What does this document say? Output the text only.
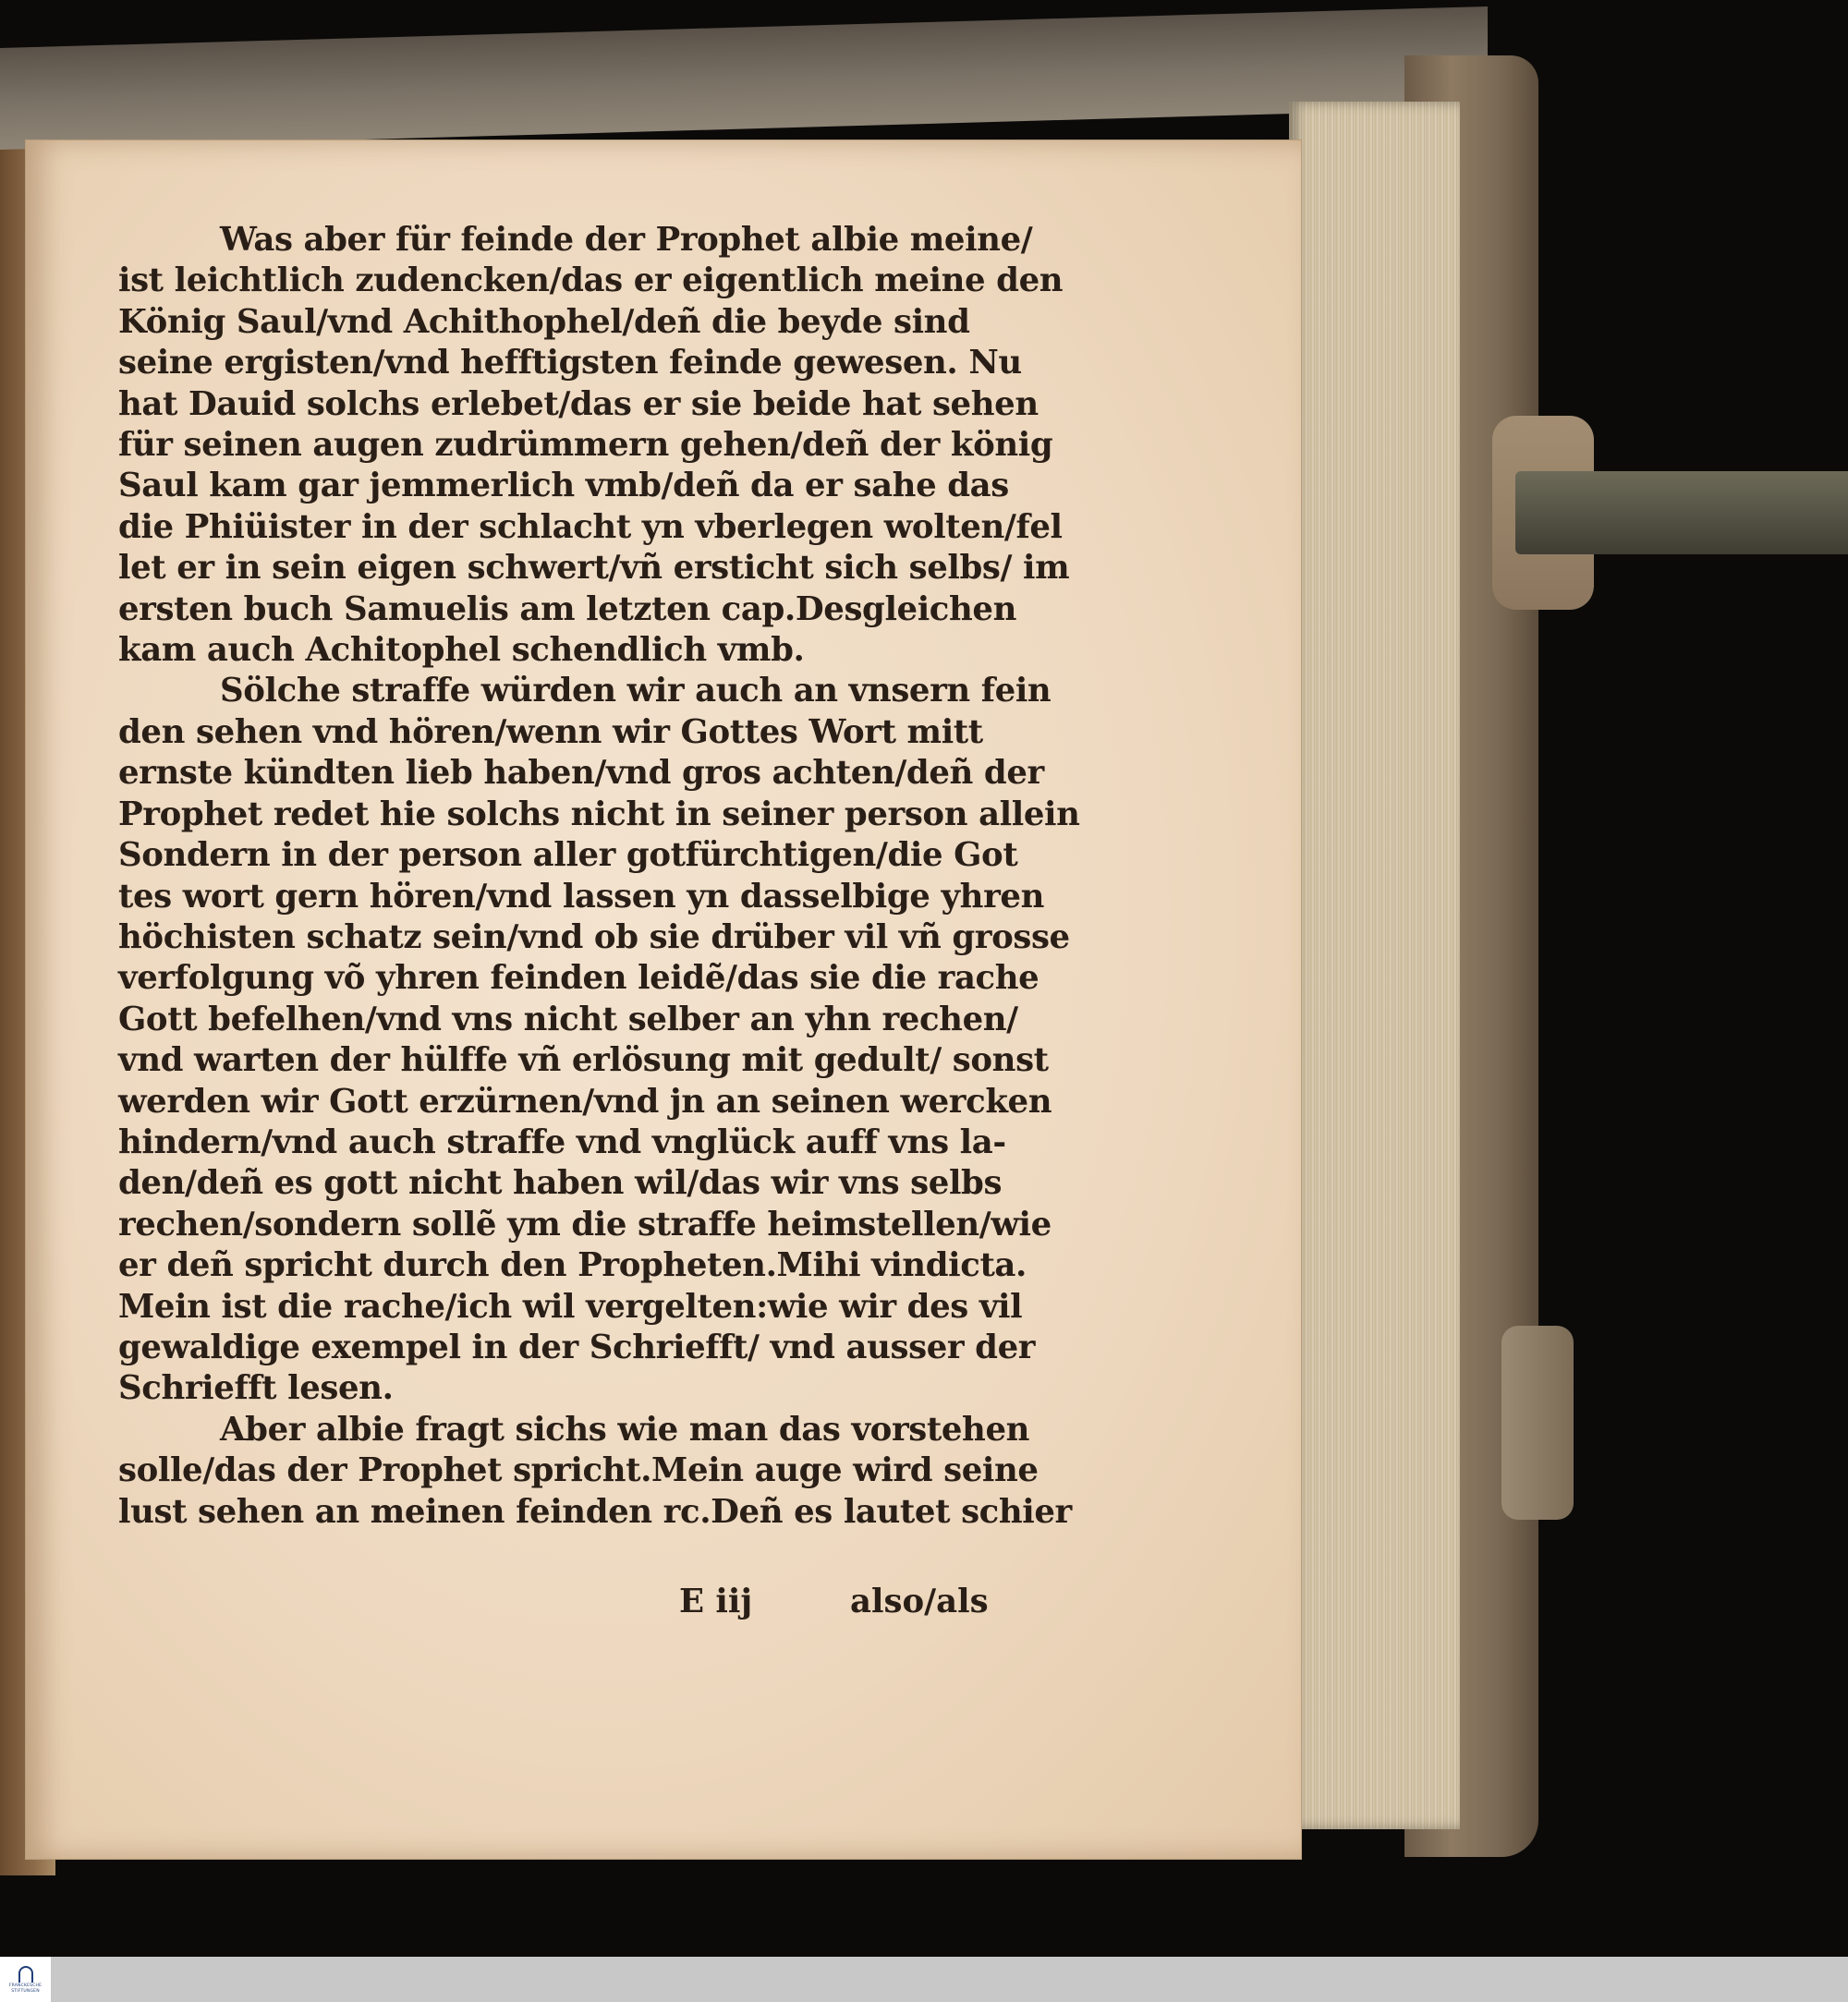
Was aber für feinde der Prophet albie meine/
ist leichtlich zudencken/das er eigentlich meine den
König Saul/vnd Achithophel/deñ die beyde sind
seine ergisten/vnd hefftigsten feinde gewesen. Nu
hat Dauid solchs erlebet/das er sie beide hat sehen
für seinen augen zudrümmern gehen/deñ der könig
Saul kam gar jemmerlich vmb/deñ da er sahe das
die Phiüister in der schlacht yn vberlegen wolten/fel
let er in sein eigen schwert/vñ ersticht sich selbs/ im
ersten buch Samuelis am letzten cap.Desgleichen
kam auch Achitophel schendlich vmb.
Sölche straffe würden wir auch an vnsern fein
den sehen vnd hören/wenn wir Gottes Wort mitt
ernste kündten lieb haben/vnd gros achten/deñ der
Prophet redet hie solchs nicht in seiner person allein
Sondern in der person aller gotfürchtigen/die Got
tes wort gern hören/vnd lassen yn dasselbige yhren
höchisten schatz sein/vnd ob sie drüber vil vñ grosse
verfolgung võ yhren feinden leidẽ/das sie die rache
Gott befelhen/vnd vns nicht selber an yhn rechen/
vnd warten der hülffe vñ erlösung mit gedult/ sonst
werden wir Gott erzürnen/vnd jn an seinen wercken
hindern/vnd auch straffe vnd vnglück auff vns la-
den/deñ es gott nicht haben wil/das wir vns selbs
rechen/sondern sollẽ ym die straffe heimstellen/wie
er deñ spricht durch den Propheten.Mihi vindicta.
Mein ist die rache/ich wil vergelten:wie wir des vil
gewaldige exempel in der Schriefft/ vnd ausser der
Schriefft lesen.
Aber albie fragt sichs wie man das vorstehen
solle/das der Prophet spricht.Mein auge wird seine
lust sehen an meinen feinden rc.Deñ es lautet schier
E iij	also/als
FRANCKESCHE
STIFTUNGEN
